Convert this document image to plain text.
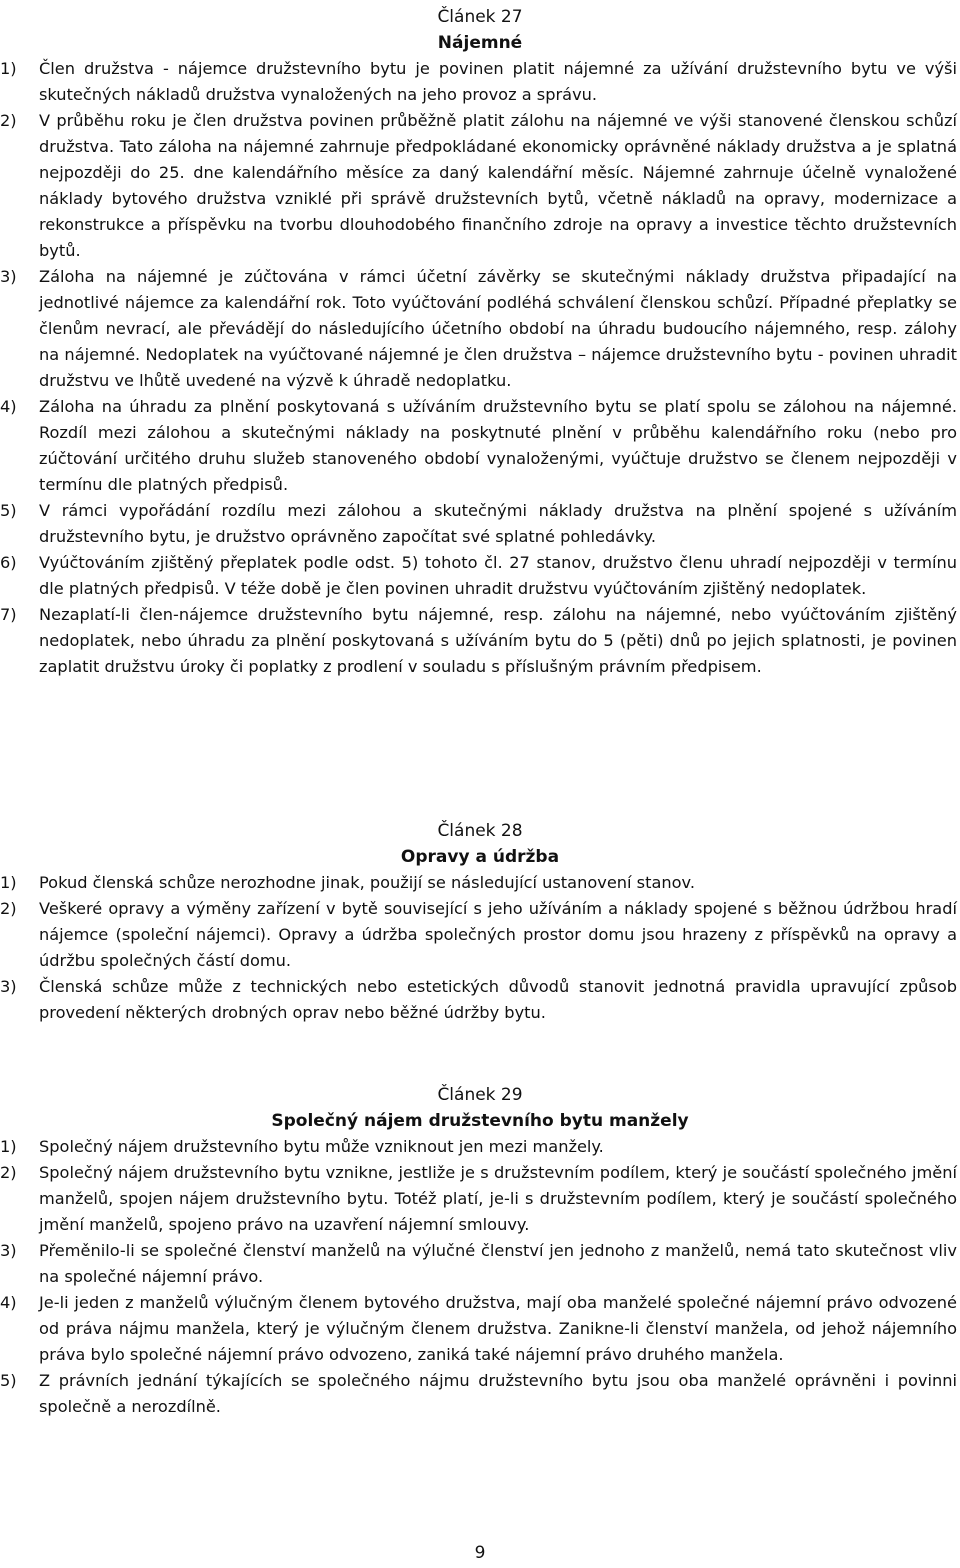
Článek 27

Nájemné

1) Člen družstva - nájemce družstevního bytu je povinen platit nájemné za užívání družstevního bytu ve výši skutečných nákladů družstva vynaložených na jeho provoz a správu.
2) V průběhu roku je člen družstva povinen průběžně platit zálohu na nájemné ve výši stanovené členskou schůzí družstva. Tato záloha na nájemné zahrnuje předpokládané ekonomicky oprávněné náklady družstva a je splatná nejpozději do 25. dne kalendářního měsíce za daný kalendářní měsíc. Nájemné zahrnuje účelně vynaložené náklady bytového družstva vzniklé při správě družstevních bytů, včetně nákladů na opravy, modernizace a rekonstrukce a příspěvku na tvorbu dlouhodobého finančního zdroje na opravy a investice těchto družstevních bytů.
3) Záloha na nájemné je zúčtována v rámci účetní závěrky se skutečnými náklady družstva připadající na jednotlivé nájemce za kalendářní rok. Toto vyúčtování podléhá schválení členskou schůzí. Případné přeplatky se členům nevrací, ale převádějí do následujícího účetního období na úhradu budoucího nájemného, resp. zálohy na nájemné. Nedoplatek na vyúčtované nájemné je člen družstva – nájemce družstevního bytu - povinen uhradit družstvu ve lhůtě uvedené na výzvě k úhradě nedoplatku.
4) Záloha na úhradu za plnění poskytovaná s užíváním družstevního bytu se platí spolu se zálohou na nájemné. Rozdíl mezi zálohou a skutečnými náklady na poskytnuté plnění v průběhu kalendářního roku (nebo pro zúčtování určitého druhu služeb stanoveného období vynaloženými, vyúčtuje družstvo se členem nejpozději v termínu dle platných předpisů.
5) V rámci vypořádání rozdílu mezi zálohou a skutečnými náklady družstva na plnění spojené s užíváním družstevního bytu, je družstvo oprávněno započítat své splatné pohledávky.
6) Vyúčtováním zjištěný přeplatek podle odst. 5) tohoto čl. 27 stanov, družstvo členu uhradí nejpozději v termínu dle platných předpisů. V téže době je člen povinen uhradit družstvu vyúčtováním zjištěný nedoplatek.
7) Nezaplatí-li člen-nájemce družstevního bytu nájemné, resp. zálohu na nájemné, nebo vyúčtováním zjištěný nedoplatek, nebo úhradu za plnění poskytovaná s užíváním bytu do 5 (pěti) dnů po jejich splatnosti, je povinen zaplatit družstvu úroky či poplatky z prodlení v souladu s příslušným právním předpisem.

Článek 28

Opravy a údržba

1) Pokud členská schůze nerozhodne jinak, použijí se následující ustanovení stanov.
2) Veškeré opravy a výměny zařízení v bytě související s jeho užíváním a náklady spojené s běžnou údržbou hradí nájemce (společní nájemci). Opravy a údržba společných prostor domu jsou hrazeny z příspěvků na opravy a údržbu společných částí domu.
3) Členská schůze může z technických nebo estetických důvodů stanovit jednotná pravidla upravující způsob provedení některých drobných oprav nebo běžné údržby bytu.

Článek 29

Společný nájem družstevního bytu manžely

1) Společný nájem družstevního bytu může vzniknout jen mezi manžely.
2) Společný nájem družstevního bytu vznikne, jestliže je s družstevním podílem, který je součástí společného jmění manželů, spojen nájem družstevního bytu. Totéž platí, je-li s družstevním podílem, který je součástí společného jmění manželů, spojeno právo na uzavření nájemní smlouvy.
3) Přeměnilo-li se společné členství manželů na výlučné členství jen jednoho z manželů, nemá tato skutečnost vliv na společné nájemní právo.
4) Je-li jeden z manželů výlučným členem bytového družstva, mají oba manželé společné nájemní právo odvozené od práva nájmu manžela, který je výlučným členem družstva. Zanikne-li členství manžela, od jehož nájemního práva bylo společné nájemní právo odvozeno, zaniká také nájemní právo druhého manžela.
5) Z právních jednání týkajících se společného nájmu družstevního bytu jsou oba manželé oprávněni i povinni společně a nerozdílně.
9
